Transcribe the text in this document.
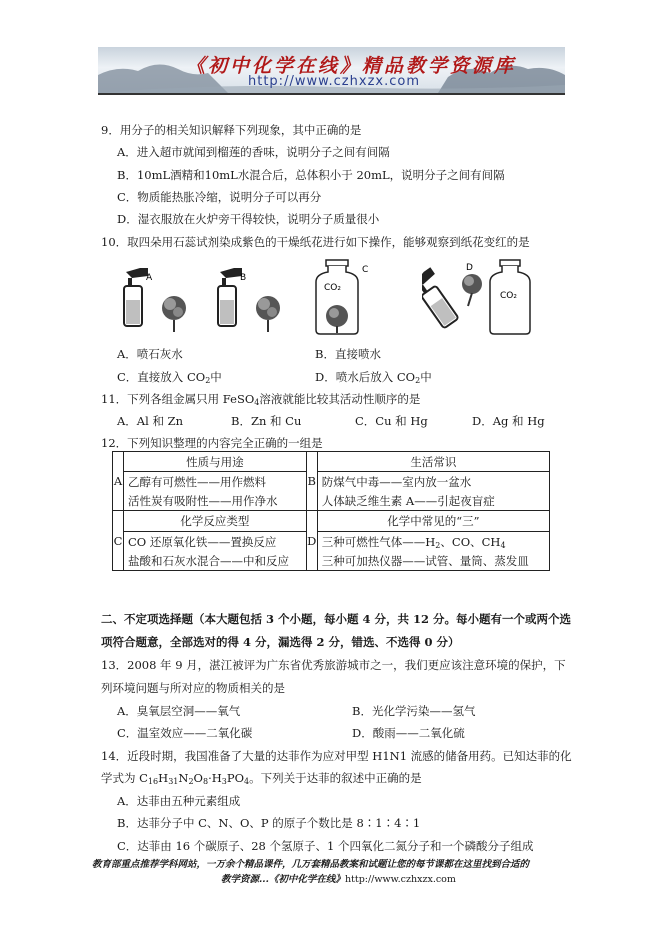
《初中化学在线》精品教学资源库
http://www.czhxzx.com
9．用分子的相关知识解释下列现象，其中正确的是
A．进入超市就闻到榴莲的香味，说明分子之间有间隔
B．10mL酒精和10mL水混合后，总体积小于 20mL，说明分子之间有间隔
C．物质能热胀冷缩，说明分子可以再分
D．湿衣服放在火炉旁干得较快，说明分子质量很小
10．取四朵用石蕊试剂染成紫色的干燥纸花进行如下操作，能够观察到纸花变红的是
A	B
CO₂
C	D
CO₂
A．喷石灰水	B．直接喷水
C．直接放入 CO2中	D．喷水后放入 CO2中
11．下列各组金属只用 FeSO4溶液就能比较其活动性顺序的是
A．Al 和 Zn	B．Zn 和 Cu	C．Cu 和 Hg	D．Ag 和 Hg
12．下列知识整理的内容完全正确的一组是
A	性质与用途	B	生活常识
	乙醇有可燃性——用作燃料		防煤气中毒——室内放一盆水
	活性炭有吸附性——用作净水		人体缺乏维生素 A——引起夜盲症
C	化学反应类型	D	化学中常见的“三”
	CO 还原氧化铁——置换反应		三种可燃性气体——H2、CO、CH4
	盐酸和石灰水混合——中和反应		三种可加热仪器——试管、量筒、蒸发皿
二、不定项选择题（本大题包括 3 个小题，每小题 4 分，共 12 分。每小题有一个或两个选
项符合题意，全部选对的得 4 分，漏选得 2 分，错选、不选得 0 分）
13．2008 年 9 月，湛江被评为广东省优秀旅游城市之一，我们更应该注意环境的保护，下
列环境问题与所对应的物质相关的是
A．臭氧层空洞——氧气	B．光化学污染——氢气
C．温室效应——二氧化碳	D．酸雨——二氧化硫
14．近段时期，我国准备了大量的达菲作为应对甲型 H1N1 流感的储备用药。已知达菲的化
学式为 C16H31N2O8·H3PO4。下列关于达菲的叙述中正确的是
A．达菲由五种元素组成
B．达菲分子中 C、N、O、P 的原子个数比是 8∶1∶4∶1
C．达菲由 16 个碳原子、28 个氢原子、1 个四氧化二氮分子和一个磷酸分子组成
教育部重点推荐学科网站，一万余个精品课件，几万套精品教案和试题让您的每节课都在这里找到合适的
教学资源...《初中化学在线》http://www.czhxzx.com
